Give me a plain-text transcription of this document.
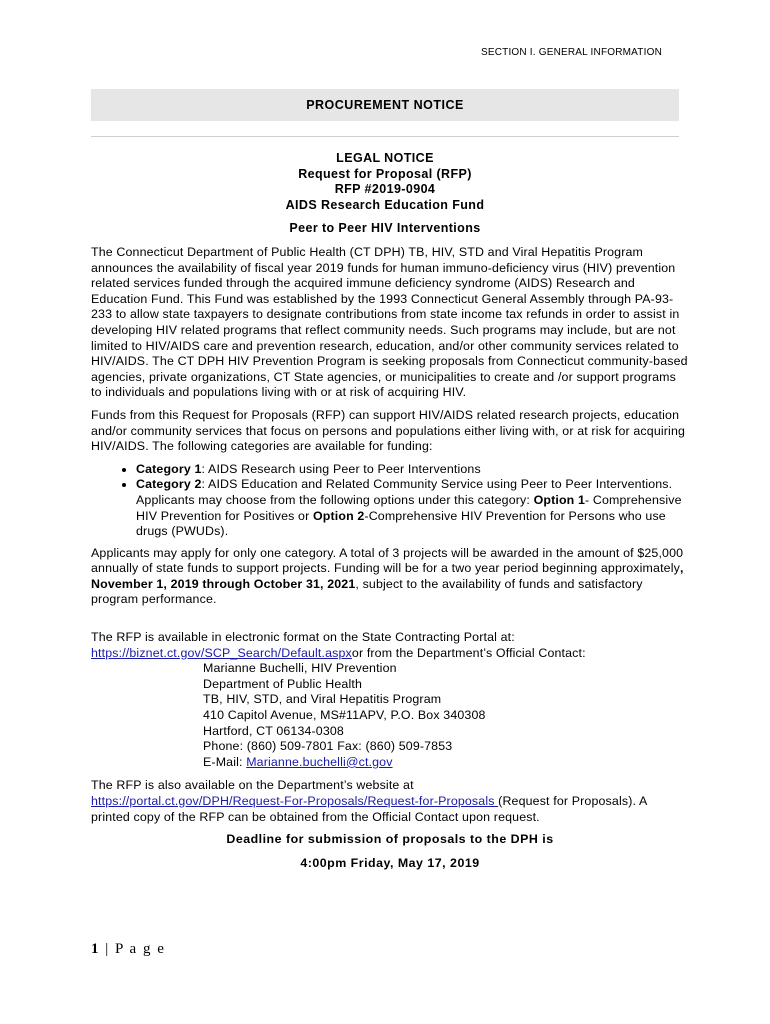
SECTION I. GENERAL INFORMATION
PROCUREMENT NOTICE
LEGAL NOTICE
Request for Proposal (RFP)
RFP #2019-0904
AIDS Research Education Fund
Peer to Peer HIV Interventions

The Connecticut Department of Public Health (CT DPH) TB, HIV, STD and Viral Hepatitis Program announces the availability of fiscal year 2019 funds for human immuno-deficiency virus (HIV) prevention related services funded through the acquired immune deficiency syndrome (AIDS) Research and Education Fund. This Fund was established by the 1993 Connecticut General Assembly through PA-93-233 to allow state taxpayers to designate contributions from state income tax refunds in order to assist in developing HIV related programs that reflect community needs. Such programs may include, but are not limited to HIV/AIDS care and prevention research, education, and/or other community services related to HIV/AIDS. The CT DPH HIV Prevention Program is seeking proposals from Connecticut community-based agencies, private organizations, CT State agencies, or municipalities to create and /or support programs to individuals and populations living with or at risk of acquiring HIV.

Funds from this Request for Proposals (RFP) can support HIV/AIDS related research projects, education and/or community services that focus on persons and populations either living with, or at risk for acquiring HIV/AIDS. The following categories are available for funding:

• Category 1: AIDS Research using Peer to Peer Interventions
• Category 2: AIDS Education and Related Community Service using Peer to Peer Interventions. Applicants may choose from the following options under this category: Option 1- Comprehensive HIV Prevention for Positives or Option 2-Comprehensive HIV Prevention for Persons who use drugs (PWUDs).

Applicants may apply for only one category. A total of 3 projects will be awarded in the amount of $25,000 annually of state funds to support projects. Funding will be for a two year period beginning approximately, November 1, 2019 through October 31, 2021, subject to the availability of funds and satisfactory program performance.

The RFP is available in electronic format on the State Contracting Portal at:
https://biznet.ct.gov/SCP_Search/Default.aspxor from the Department’s Official Contact:

Marianne Buchelli, HIV Prevention
Department of Public Health
TB, HIV, STD, and Viral Hepatitis Program
410 Capitol Avenue, MS#11APV, P.O. Box 340308
Hartford, CT 06134-0308
Phone: (860) 509-7801 Fax: (860) 509-7853
E-Mail: Marianne.buchelli@ct.gov

The RFP is also available on the Department’s website at
https://portal.ct.gov/DPH/Request-For-Proposals/Request-for-Proposals (Request for Proposals). A printed copy of the RFP can be obtained from the Official Contact upon request.

Deadline for submission of proposals to the DPH is
4:00pm Friday, May 17, 2019
1 | P a g e
